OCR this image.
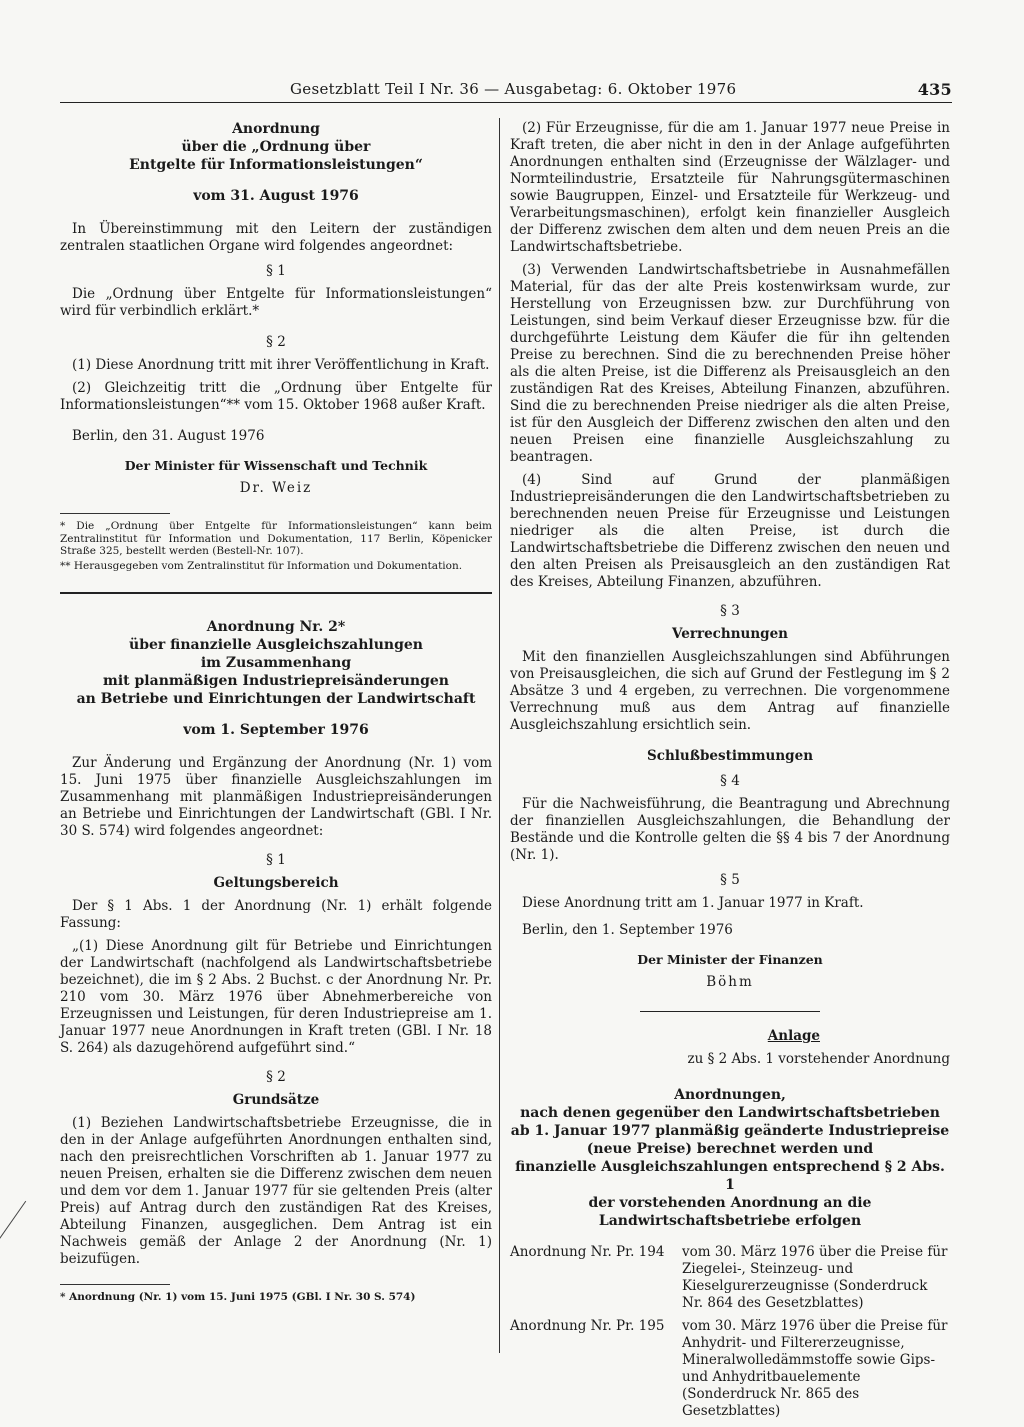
Gesetzblatt Teil I Nr. 36 — Ausgabetag: 6. Oktober 1976	435

Anordnung

über die „Ordnung über

Entgelte für Informationsleistungen“

vom 31. August 1976

In Übereinstimmung mit den Leitern der zuständigen zentralen staatlichen Organe wird folgendes angeordnet:

§ 1

Die „Ordnung über Entgelte für Informationsleistungen“ wird für verbindlich erklärt.*

§ 2

(1) Diese Anordnung tritt mit ihrer Veröffentlichung in Kraft.

(2) Gleichzeitig tritt die „Ordnung über Entgelte für Informationsleistungen“** vom 15. Oktober 1968 außer Kraft.

Berlin, den 31. August 1976

Der Minister für Wissenschaft und Technik

Dr. Weiz

* Die „Ordnung über Entgelte für Informationsleistungen“ kann beim Zentralinstitut für Information und Dokumentation, 117 Berlin, Köpenicker Straße 325, bestellt werden (Bestell-Nr. 107).

** Herausgegeben vom Zentralinstitut für Information und Dokumentation.

Anordnung Nr. 2*

über finanzielle Ausgleichszahlungen

im Zusammenhang

mit planmäßigen Industriepreisänderungen

an Betriebe und Einrichtungen der Landwirtschaft

vom 1. September 1976

Zur Änderung und Ergänzung der Anordnung (Nr. 1) vom 15. Juni 1975 über finanzielle Ausgleichszahlungen im Zusammenhang mit planmäßigen Industriepreisänderungen an Betriebe und Einrichtungen der Landwirtschaft (GBl. I Nr. 30 S. 574) wird folgendes angeordnet:

§ 1

Geltungsbereich

Der § 1 Abs. 1 der Anordnung (Nr. 1) erhält folgende Fassung:

„(1) Diese Anordnung gilt für Betriebe und Einrichtungen der Landwirtschaft (nachfolgend als Landwirtschaftsbetriebe bezeichnet), die im § 2 Abs. 2 Buchst. c der Anordnung Nr. Pr. 210 vom 30. März 1976 über Abnehmerbereiche von Erzeugnissen und Leistungen, für deren Industriepreise am 1. Januar 1977 neue Anordnungen in Kraft treten (GBl. I Nr. 18 S. 264) als dazugehörend aufgeführt sind.“

§ 2

Grundsätze

(1) Beziehen Landwirtschaftsbetriebe Erzeugnisse, die in den in der Anlage aufgeführten Anordnungen enthalten sind, nach den preisrechtlichen Vorschriften ab 1. Januar 1977 zu neuen Preisen, erhalten sie die Differenz zwischen dem neuen und dem vor dem 1. Januar 1977 für sie geltenden Preis (alter Preis) auf Antrag durch den zuständigen Rat des Kreises, Abteilung Finanzen, ausgeglichen. Dem Antrag ist ein Nachweis gemäß der Anlage 2 der Anordnung (Nr. 1) beizufügen.

* Anordnung (Nr. 1) vom 15. Juni 1975 (GBl. I Nr. 30 S. 574)

(2) Für Erzeugnisse, für die am 1. Januar 1977 neue Preise in Kraft treten, die aber nicht in den in der Anlage aufgeführten Anordnungen enthalten sind (Erzeugnisse der Wälzlager- und Normteilindustrie, Ersatzteile für Nahrungsgütermaschinen sowie Baugruppen, Einzel- und Ersatzteile für Werkzeug- und Verarbeitungsmaschinen), erfolgt kein finanzieller Ausgleich der Differenz zwischen dem alten und dem neuen Preis an die Landwirtschaftsbetriebe.

(3) Verwenden Landwirtschaftsbetriebe in Ausnahmefällen Material, für das der alte Preis kostenwirksam wurde, zur Herstellung von Erzeugnissen bzw. zur Durchführung von Leistungen, sind beim Verkauf dieser Erzeugnisse bzw. für die durchgeführte Leistung dem Käufer die für ihn geltenden Preise zu berechnen. Sind die zu berechnenden Preise höher als die alten Preise, ist die Differenz als Preisausgleich an den zuständigen Rat des Kreises, Abteilung Finanzen, abzuführen. Sind die zu berechnenden Preise niedriger als die alten Preise, ist für den Ausgleich der Differenz zwischen den alten und den neuen Preisen eine finanzielle Ausgleichszahlung zu beantragen.

(4) Sind auf Grund der planmäßigen Industriepreisänderungen die den Landwirtschaftsbetrieben zu berechnenden neuen Preise für Erzeugnisse und Leistungen niedriger als die alten Preise, ist durch die Landwirtschaftsbetriebe die Differenz zwischen den neuen und den alten Preisen als Preisausgleich an den zuständigen Rat des Kreises, Abteilung Finanzen, abzuführen.

§ 3

Verrechnungen

Mit den finanziellen Ausgleichszahlungen sind Abführungen von Preisausgleichen, die sich auf Grund der Festlegung im § 2 Absätze 3 und 4 ergeben, zu verrechnen. Die vorgenommene Verrechnung muß aus dem Antrag auf finanzielle Ausgleichszahlung ersichtlich sein.

Schlußbestimmungen

§ 4

Für die Nachweisführung, die Beantragung und Abrechnung der finanziellen Ausgleichszahlungen, die Behandlung der Bestände und die Kontrolle gelten die §§ 4 bis 7 der Anordnung (Nr. 1).

§ 5

Diese Anordnung tritt am 1. Januar 1977 in Kraft.

Berlin, den 1. September 1976

Der Minister der Finanzen

Böhm

Anlage

zu § 2 Abs. 1 vorstehender Anordnung

Anordnungen,

nach denen gegenüber den Landwirtschaftsbetrieben

ab 1. Januar 1977 planmäßig geänderte Industriepreise

(neue Preise) berechnet werden und

finanzielle Ausgleichszahlungen entsprechend § 2 Abs. 1

der vorstehenden Anordnung an die

Landwirtschaftsbetriebe erfolgen

Anordnung Nr. Pr. 194	vom 30. März 1976 über die Preise für Ziegelei-, Steinzeug- und Kieselgurerzeugnisse (Sonderdruck Nr. 864 des Gesetzblattes)
Anordnung Nr. Pr. 195	vom 30. März 1976 über die Preise für Anhydrit- und Filtererzeugnisse, Mineralwolledämmstoffe sowie Gips- und Anhydritbauelemente (Sonderdruck Nr. 865 des Gesetzblattes)
